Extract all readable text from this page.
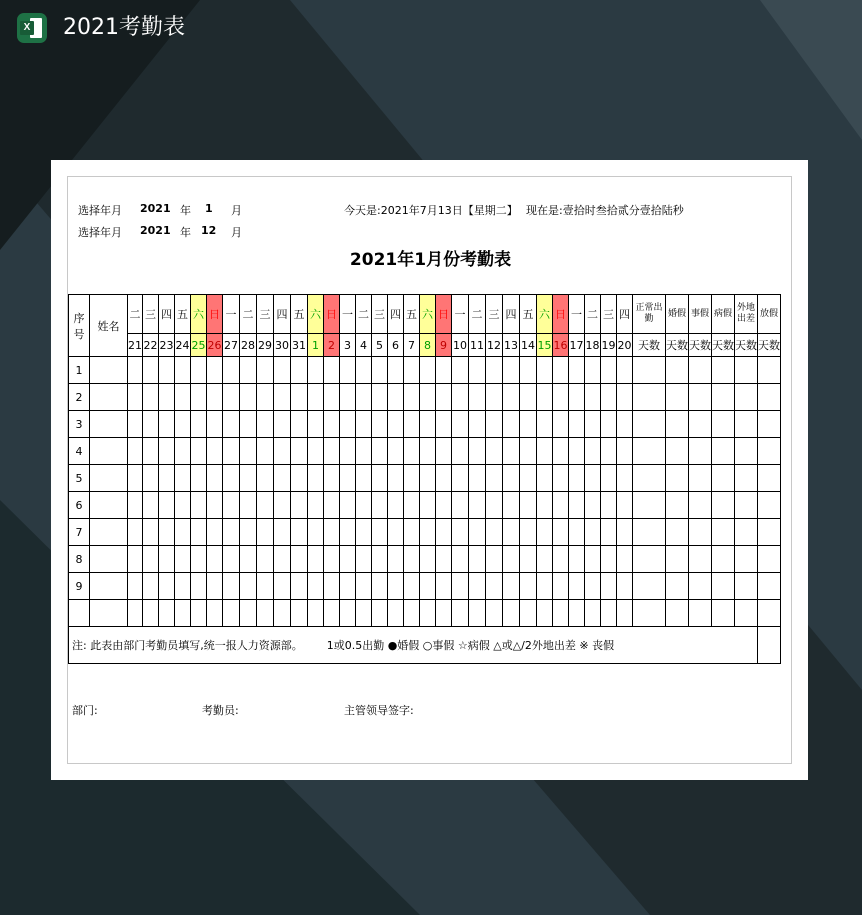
X 2021考勤表
选择年月 2021 年 1 月
选择年月 2021 年 12 月
今天是:2021年7月13日【星期二】 现在是:壹拾时叁拾贰分壹拾陆秒
2021年1月份考勤表
序号	姓名	二	三	四	五	六	日	一	二	三	四	五	六	日	一	二	三	四	五	六	日	一	二	三	四	五	六	日	一	二	三	四	正常出勤	婚假	事假	病假	外地出差	放假
		21	22	23	24	25	26	27	28	29	30	31	1	2	3	4	5	6	7	8	9	10	11	12	13	14	15	16	17	18	19	20	天数	天数	天数	天数	天数	天数
1																																						
2																																						
3																																						
4																																						
5																																						
6																																						
7																																						
8																																						
9																																						

注: 此表由部门考勤员填写,统一报人力资源部。 1或0.5出勤 ●婚假 ○事假 ☆病假 △或△/2外地出差 ※ 丧假																																						
部门:	考勤员:	主管领导签字:
